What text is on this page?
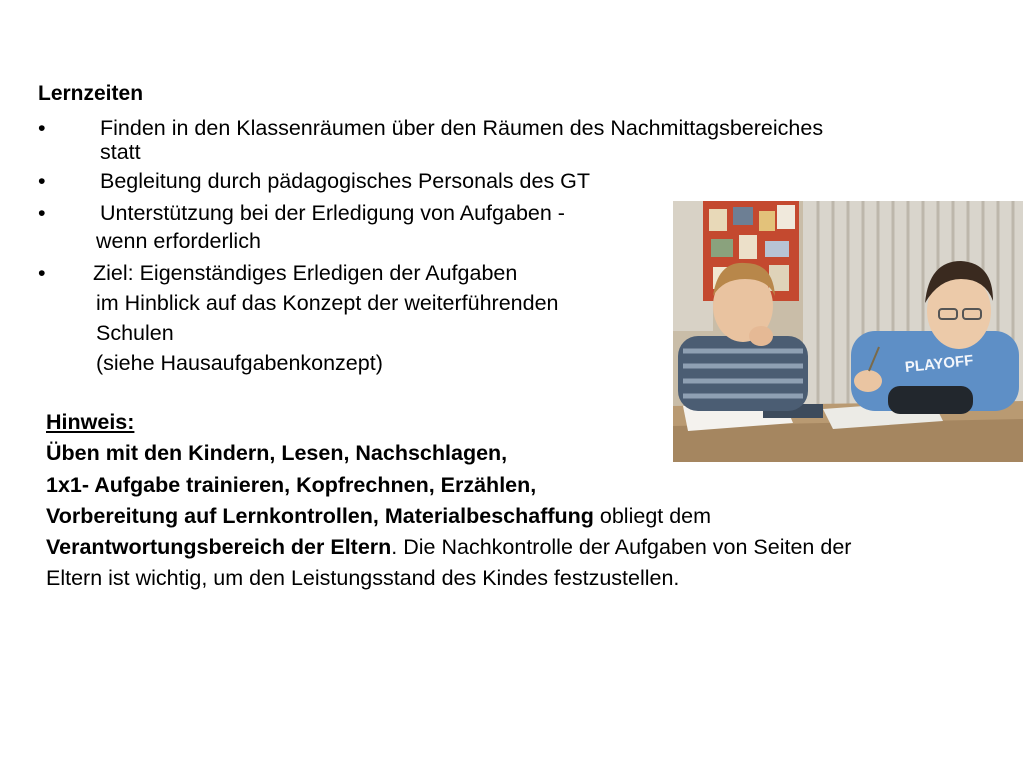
Lernzeiten
•	Finden in den Klassenräumen über den Räumen des Nachmittagsbereiches
statt
•	Begleitung durch pädagogisches Personals des GT
•	Unterstützung bei der Erledigung von Aufgaben -
wenn erforderlich
•	Ziel: Eigenständiges Erledigen der Aufgaben
im Hinblick auf das Konzept der weiterführenden
Schulen
(siehe Hausaufgabenkonzept)	PLAYOFF
Hinweis:
Üben mit den Kindern, Lesen, Nachschlagen,
1x1- Aufgabe trainieren, Kopfrechnen, Erzählen,
Vorbereitung auf Lernkontrollen, Materialbeschaffung obliegt dem
Verantwortungsbereich der Eltern. Die Nachkontrolle der Aufgaben von Seiten der
Eltern ist wichtig, um den Leistungsstand des Kindes festzustellen.
